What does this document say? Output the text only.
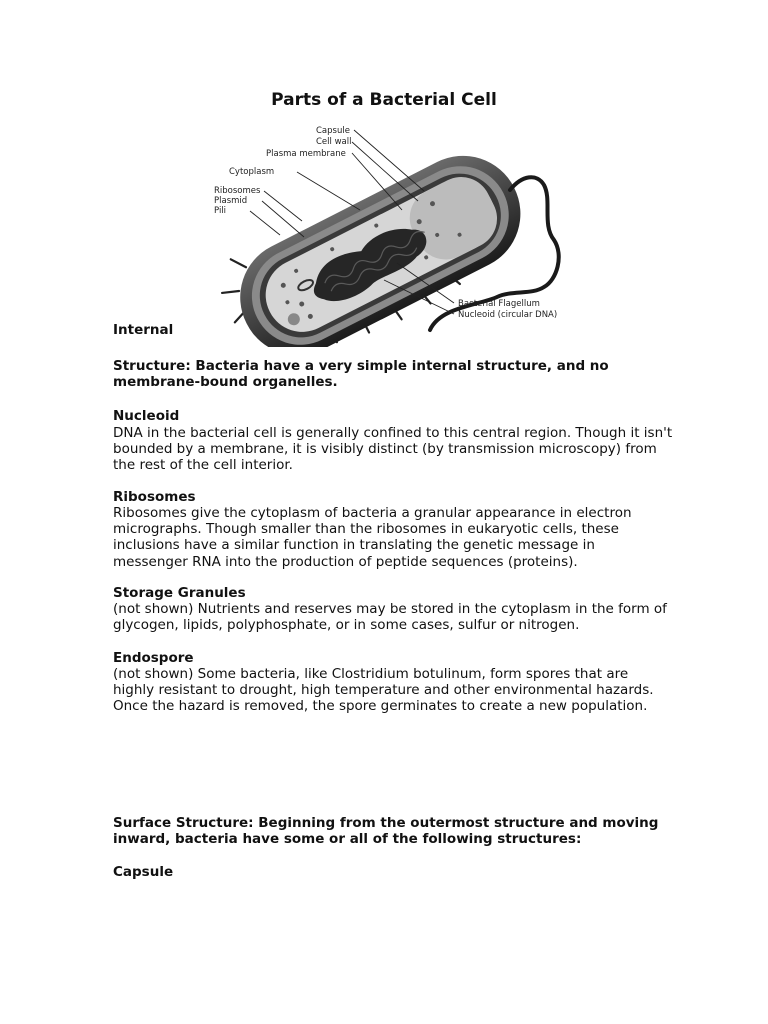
Parts of a Bacterial Cell
Capsule
Cell wall
Plasma membrane
Cytoplasm
Ribosomes
Plasmid
Pili
Bacterial Flagellum
Nucleoid (circular DNA)
Internal
Structure: Bacteria have a very simple internal structure, and no membrane-bound organelles.
Nucleoid
DNA in the bacterial cell is generally confined to this central region. Though it isn't bounded by a membrane, it is visibly distinct (by transmission microscopy) from the rest of the cell interior.
Ribosomes
Ribosomes give the cytoplasm of bacteria a granular appearance in electron micrographs. Though smaller than the ribosomes in eukaryotic cells, these inclusions have a similar function in translating the genetic message in messenger RNA into the production of peptide sequences (proteins).
Storage Granules
(not shown) Nutrients and reserves may be stored in the cytoplasm in the form of glycogen, lipids, polyphosphate, or in some cases, sulfur or nitrogen.
Endospore
(not shown) Some bacteria, like Clostridium botulinum, form spores that are highly resistant to drought, high temperature and other environmental hazards. Once the hazard is removed, the spore germinates to create a new population.
Surface Structure: Beginning from the outermost structure and moving inward, bacteria have some or all of the following structures:
Capsule
